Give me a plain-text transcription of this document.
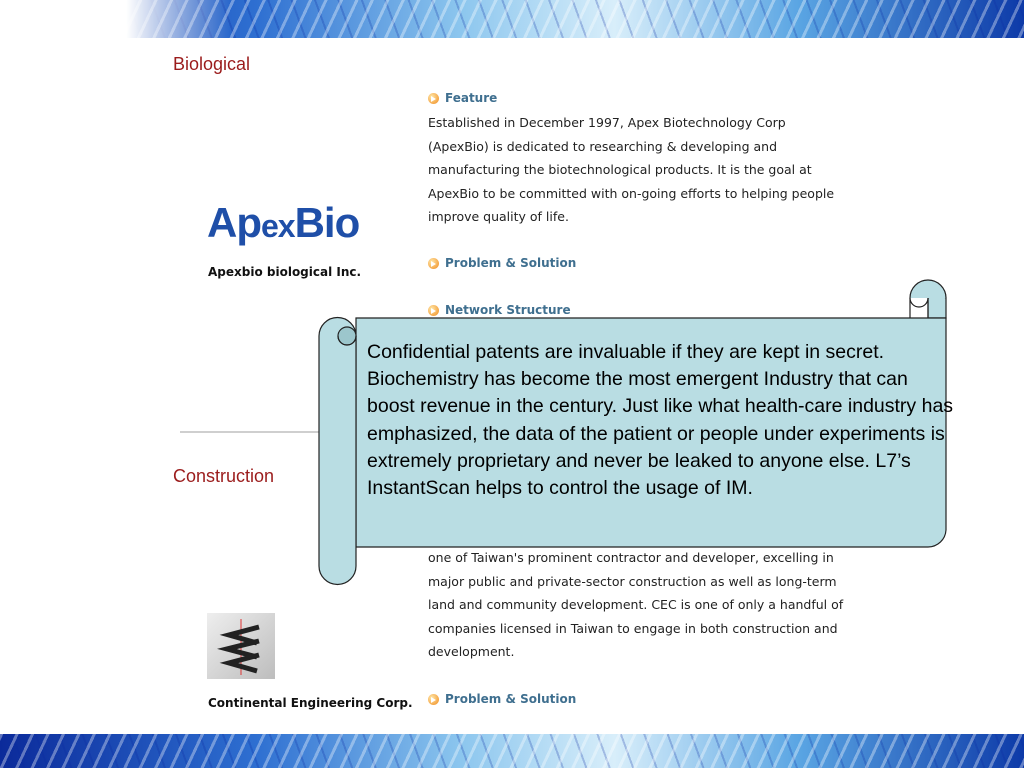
Biological
ApexBio
Apexbio biological Inc.
Feature

Established in December 1997, Apex Biotechnology Corp (ApexBio) is dedicated to researching & developing and manufacturing the biotechnological products. It is the goal at ApexBio to be committed with on-going efforts to helping people improve quality of life.

Problem & Solution
Network Structure
Construction

one of Taiwan's prominent contractor and developer, excelling in major public and private-sector construction as well as long-term land and community development. CEC is one of only a handful of companies licensed in Taiwan to engage in both construction and development.

Continental Engineering Corp.	Problem & Solution

Confidential patents are invaluable if they are kept in secret. Biochemistry has become the most emergent Industry that can boost revenue in the century. Just like what health-care industry has emphasized, the data of the patient or people under experiments is extremely proprietary and never be leaked to anyone else. L7’s InstantScan helps to control the usage of IM.
